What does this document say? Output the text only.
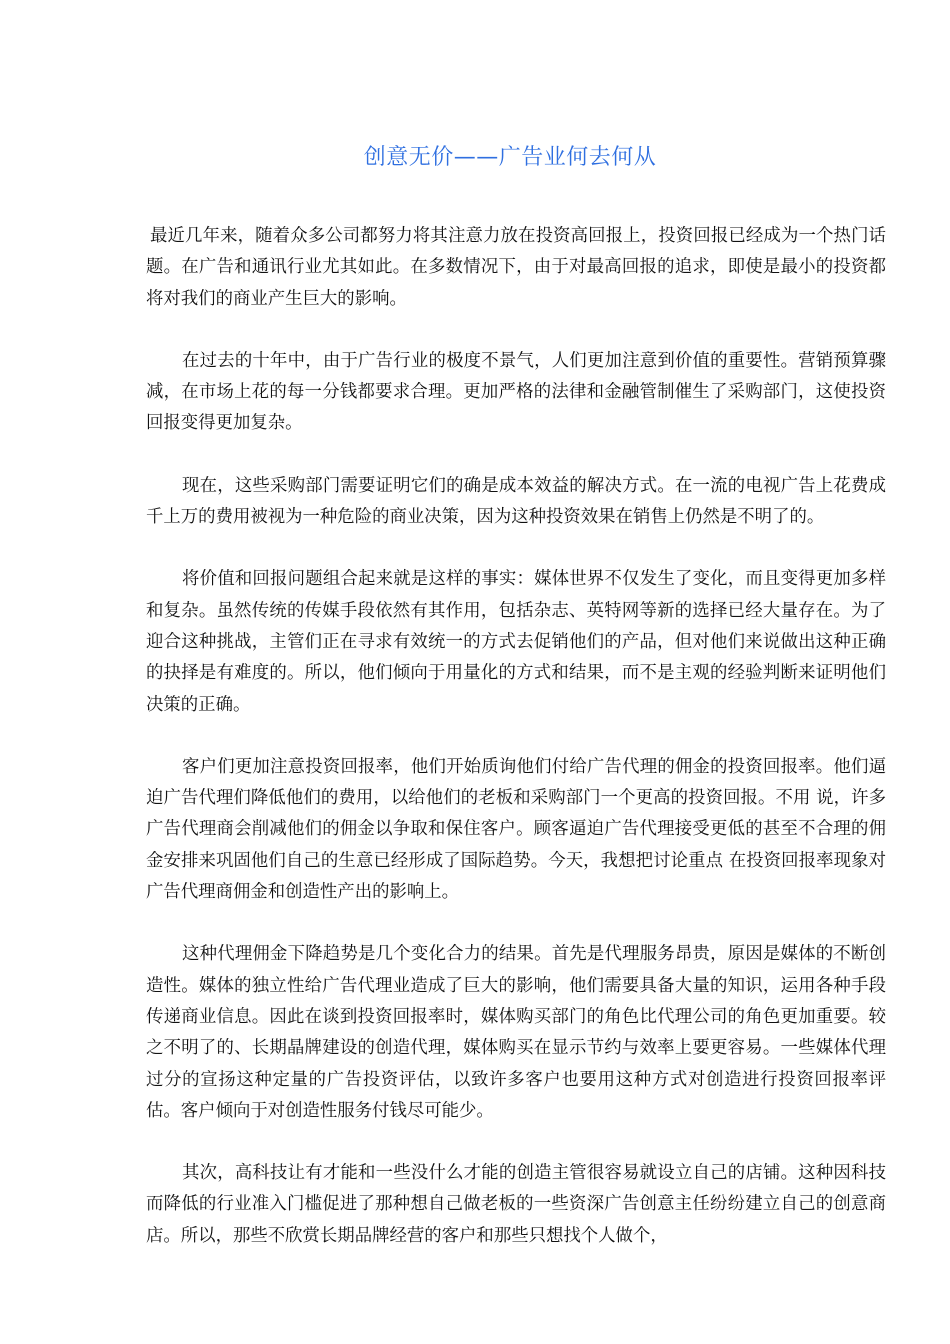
创意无价——广告业何去何从

最近几年来，随着众多公司都努力将其注意力放在投资高回报上，投资回报已经成为一个热门话题。在广告和通讯行业尤其如此。在多数情况下，由于对最高回报的追求，即使是最小的投资都将对我们的商业产生巨大的影响。

在过去的十年中，由于广告行业的极度不景气，人们更加注意到价值的重要性。营销预算骤减，在市场上花的每一分钱都要求合理。更加严格的法律和金融管制催生了采购部门，这使投资回报变得更加复杂。

现在，这些采购部门需要证明它们的确是成本效益的解决方式。在一流的电视广告上花费成千上万的费用被视为一种危险的商业决策，因为这种投资效果在销售上仍然是不明了的。

将价值和回报问题组合起来就是这样的事实：媒体世界不仅发生了变化，而且变得更加多样和复杂。虽然传统的传媒手段依然有其作用，包括杂志、英特网等新的选择已经大量存在。为了迎合这种挑战，主管们正在寻求有效统一的方式去促销他们的产品，但对他们来说做出这种正确的抉择是有难度的。所以，他们倾向于用量化的方式和结果，而不是主观的经验判断来证明他们决策的正确。

客户们更加注意投资回报率，他们开始质询他们付给广告代理的佣金的投资回报率。他们逼迫广告代理们降低他们的费用，以给他们的老板和采购部门一个更高的投资回报。不用 说，许多广告代理商会削减他们的佣金以争取和保住客户。顾客逼迫广告代理接受更低的甚至不合理的佣金安排来巩固他们自己的生意已经形成了国际趋势。今天，我想把讨论重点 在投资回报率现象对广告代理商佣金和创造性产出的影响上。

这种代理佣金下降趋势是几个变化合力的结果。首先是代理服务昂贵，原因是媒体的不断创造性。媒体的独立性给广告代理业造成了巨大的影响，他们需要具备大量的知识，运用各种手段传递商业信息。因此在谈到投资回报率时，媒体购买部门的角色比代理公司的角色更加重要。较之不明了的、长期晶牌建设的创造代理，媒体购买在显示节约与效率上要更容易。一些媒体代理过分的宣扬这种定量的广告投资评估，以致许多客户也要用这种方式对创造进行投资回报率评估。客户倾向于对创造性服务付钱尽可能少。

其次，高科技让有才能和一些没什么才能的创造主管很容易就设立自己的店铺。这种因科技而降低的行业准入门槛促进了那种想自己做老板的一些资深广告创意主任纷纷建立自己的创意商店。所以，那些不欣赏长期品牌经营的客户和那些只想找个人做个，
